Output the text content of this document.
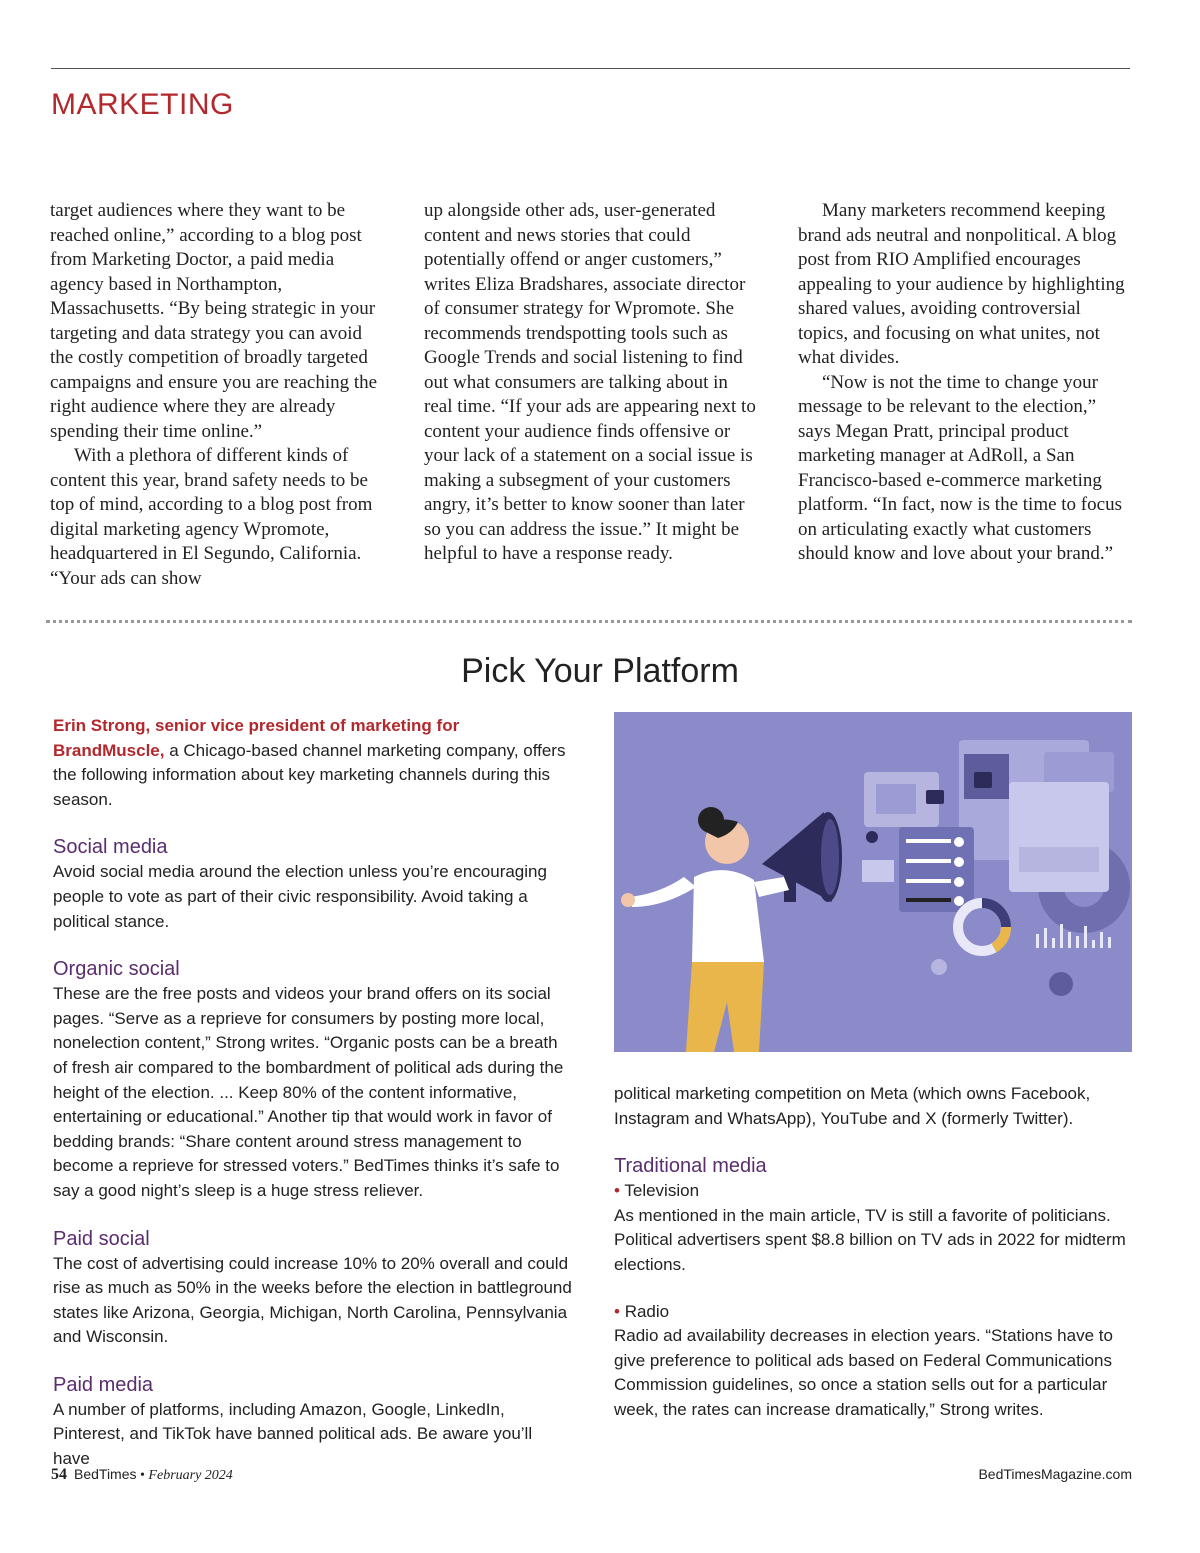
MARKETING

target audiences where they want to be reached online,” according to a blog post from Marketing Doctor, a paid media agency based in Northampton, Massachusetts. “By being strategic in your targeting and data strategy you can avoid the costly competition of broadly targeted campaigns and ensure you are reaching the right audience where they are already spending their time online.”

With a plethora of different kinds of content this year, brand safety needs to be top of mind, according to a blog post from digital marketing agency Wpromote, headquartered in El Segundo, California. “Your ads can show

up alongside other ads, user-generated content and news stories that could potentially offend or anger customers,” writes Eliza Bradshares, associate director of consumer strategy for Wpromote. She recommends trendspotting tools such as Google Trends and social listening to find out what consumers are talking about in real time. “If your ads are appearing next to content your audience finds offensive or your lack of a statement on a social issue is making a subsegment of your customers angry, it’s better to know sooner than later so you can address the issue.” It might be helpful to have a response ready.

Many marketers recommend keeping brand ads neutral and nonpolitical. A blog post from RIO Amplified encourages appealing to your audience by highlighting shared values, avoiding controversial topics, and focusing on what unites, not what divides.

“Now is not the time to change your message to be relevant to the election,” says Megan Pratt, principal product marketing manager at AdRoll, a San Francisco-based e-commerce marketing platform. “In fact, now is the time to focus on articulating exactly what customers should know and love about your brand.”

Pick Your Platform

Erin Strong, senior vice president of marketing for BrandMuscle, a Chicago-based channel marketing company, offers the following information about key marketing channels during this season.

Social media

Avoid social media around the election unless you’re encouraging people to vote as part of their civic responsibility. Avoid taking a political stance.

Organic social

These are the free posts and videos your brand offers on its social pages. “Serve as a reprieve for consumers by posting more local, nonelection content,” Strong writes. “Organic posts can be a breath of fresh air compared to the bombardment of political ads during the height of the election. ... Keep 80% of the content informative, entertaining or educational.” Another tip that would work in favor of bedding brands: “Share content around stress management to become a reprieve for stressed voters.” BedTimes thinks it’s safe to say a good night’s sleep is a huge stress reliever.

Paid social

The cost of advertising could increase 10% to 20% overall and could rise as much as 50% in the weeks before the election in battleground states like Arizona, Georgia, Michigan, North Carolina, Pennsylvania and Wisconsin.

Paid media

A number of platforms, including Amazon, Google, LinkedIn, Pinterest, and TikTok have banned political ads. Be aware you’ll have

political marketing competition on Meta (which owns Facebook, Instagram and WhatsApp), YouTube and X (formerly Twitter).

Traditional media

• Television

As mentioned in the main article, TV is still a favorite of politicians. Political advertisers spent $8.8 billion on TV ads in 2022 for midterm elections.

• Radio

Radio ad availability decreases in election years. “Stations have to give preference to political ads based on Federal Communications Commission guidelines, so once a station sells out for a particular week, the rates can increase dramatically,” Strong writes.

54 BedTimes • February 2024	BedTimesMagazine.com
